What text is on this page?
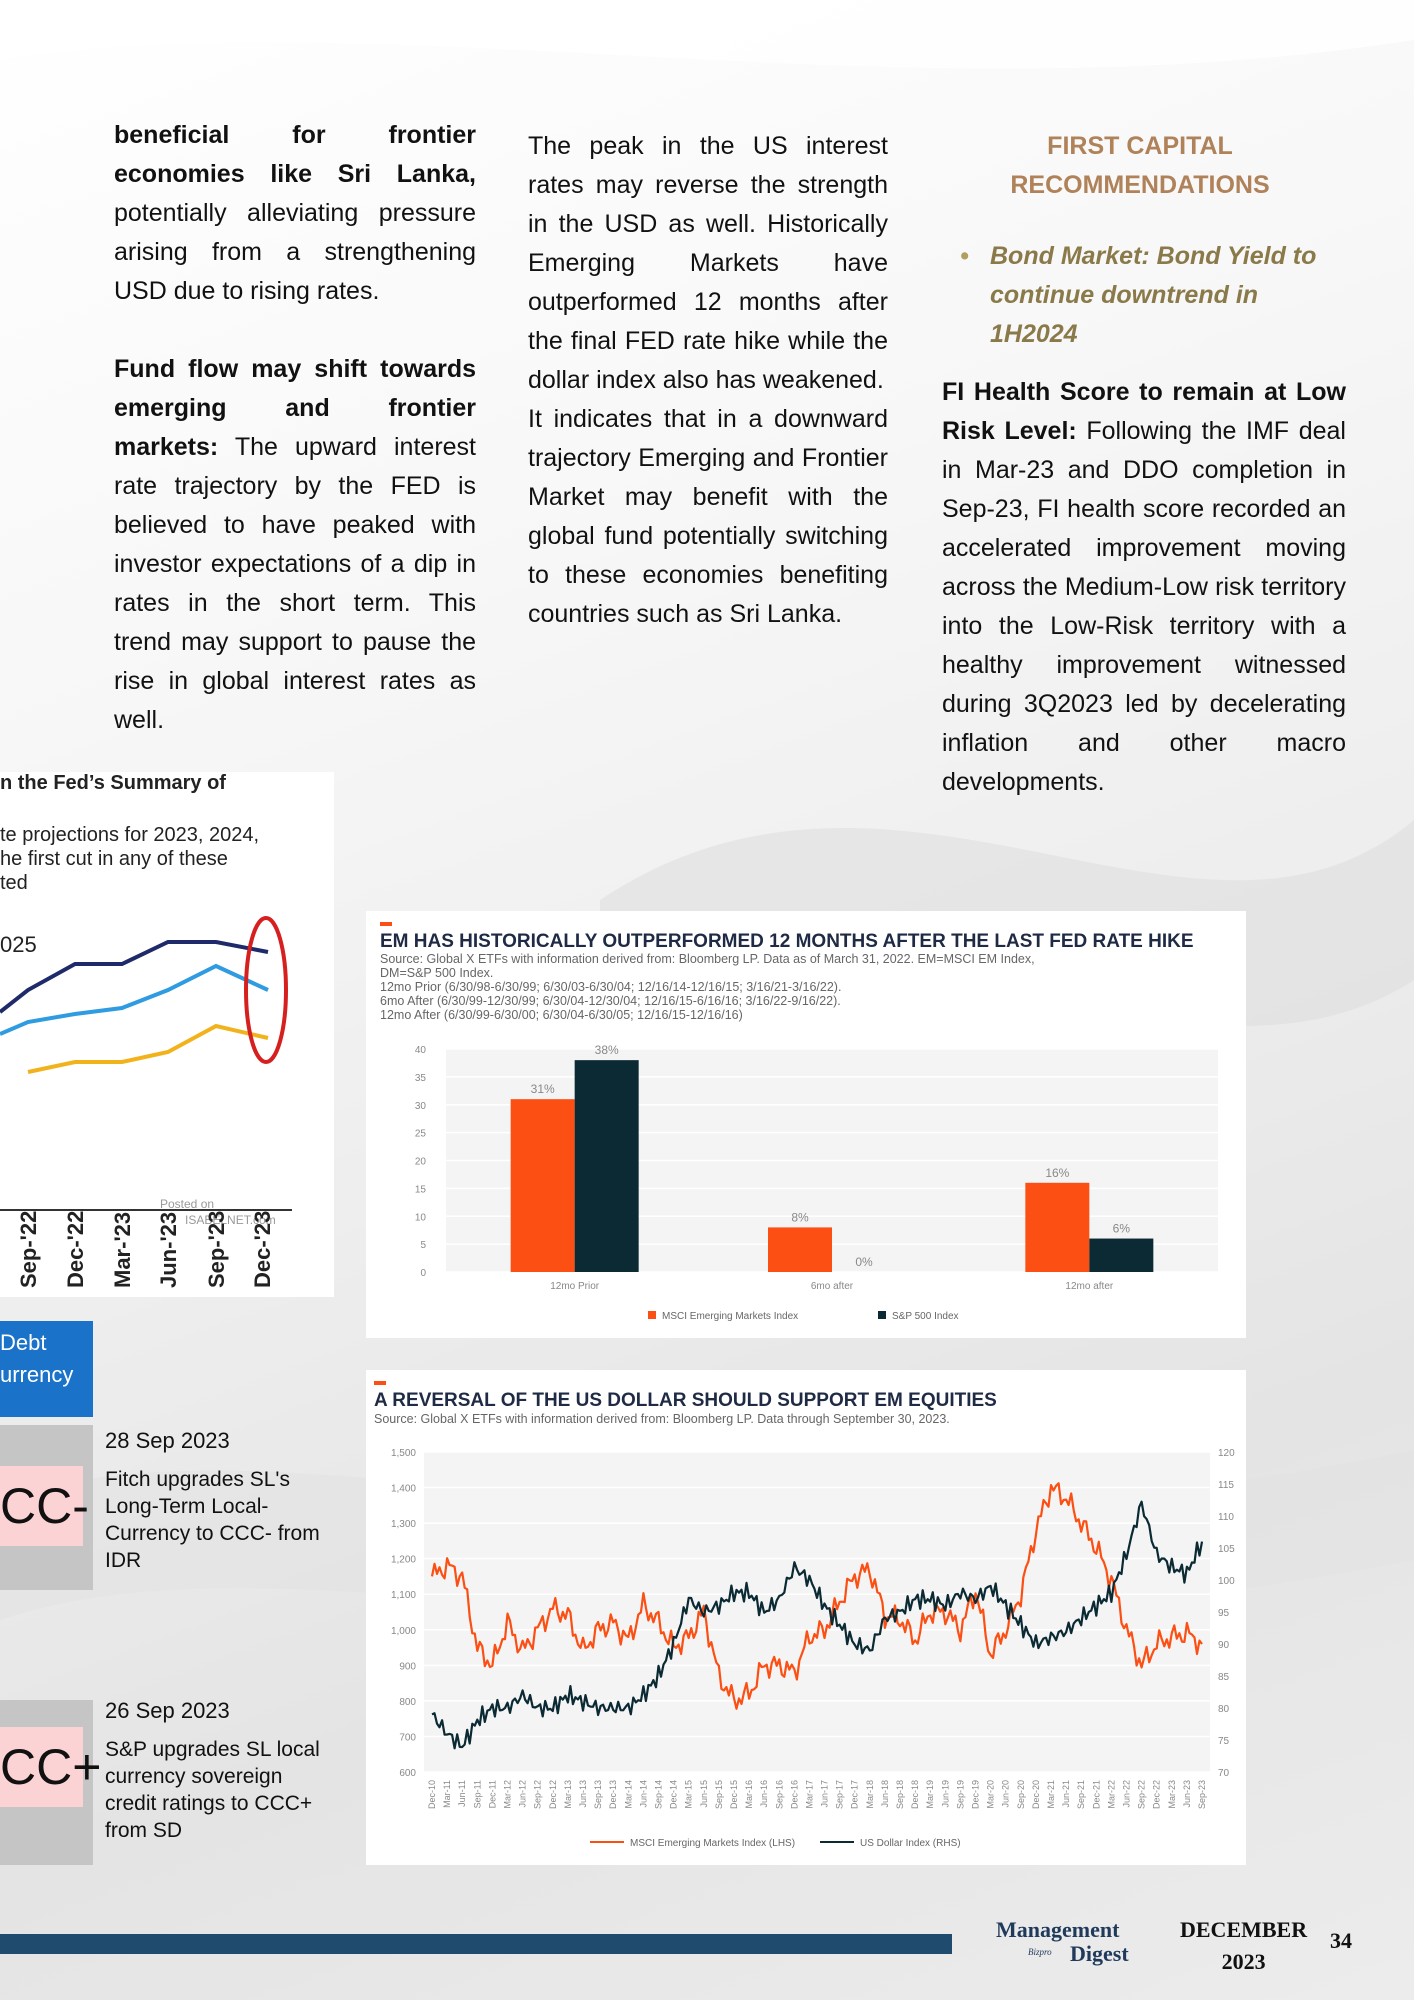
beneficial for frontier economies like Sri Lanka, potentially alleviating pressure arising from a strengthening USD due to rising rates.

Fund flow may shift towards emerging and frontier markets: The upward interest rate trajectory by the FED is believed to have peaked with investor expectations of a dip in rates in the short term. This trend may support to pause the rise in global interest rates as well.

The peak in the US interest rates may reverse the strength in the USD as well. Historically Emerging Markets have outperformed 12 months after the final FED rate hike while the dollar index also has weakened.

It indicates that in a downward trajectory Emerging and Frontier Market may benefit with the global fund potentially switching to these economies benefiting countries such as Sri Lanka.

FIRST CAPITAL
RECOMMENDATIONS
• Bond Market: Bond Yield to continue downtrend in 1H2024

FI Health Score to remain at Low Risk Level: Following the IMF deal in Mar-23 and DDO completion in Sep-23, FI health score recorded an accelerated improvement moving across the Medium-Low risk territory into the Low-Risk territory with a healthy improvement witnessed during 3Q2023 led by decelerating inflation and other macro developments.

n the Fed’s Summary of
te projections for 2023, 2024,
he first cut in any of these
ted
025
Posted on
ISABELNET.com
Sep-'22 Dec-'22 Mar-'23 Jun-'23 Sep-'23 Dec-'23
Debt
urrency
CC-
28 Sep 2023
Fitch upgrades SL's Long-Term Local-Currency to CCC- from IDR
CC+
26 Sep 2023
S&P upgrades SL local currency sovereign credit ratings to CCC+ from SD
EM HAS HISTORICALLY OUTPERFORMED 12 MONTHS AFTER THE LAST FED RATE HIKE
Source: Global X ETFs with information derived from: Bloomberg LP. Data as of March 31, 2022. EM=MSCI EM Index,
DM=S&P 500 Index.
12mo Prior (6/30/98-6/30/99; 6/30/03-6/30/04; 12/16/14-12/16/15; 3/16/21-3/16/22).
6mo After (6/30/99-12/30/99; 6/30/04-12/30/04; 12/16/15-6/16/16; 3/16/22-9/16/22).
12mo After (6/30/99-6/30/00; 6/30/04-6/30/05; 12/16/15-12/16/16)
0
5
10
15
20
25
30
35
40
12mo Prior
31%
38%
6mo after
8%
0%
12mo after
16%
6%
MSCI Emerging Markets Index	S&P 500 Index
A REVERSAL OF THE US DOLLAR SHOULD SUPPORT EM EQUITIES
Source: Global X ETFs with information derived from: Bloomberg LP. Data through September 30, 2023.
600
700
800
900
1,000
1,100
1,200
1,300
1,400
1,500
70
75
80
85
90
95
100
105
110
115
120
Dec-10 Mar-11 Jun-11 Sep-11 Dec-11 Mar-12 Jun-12 Sep-12 Dec-12 Mar-13 Jun-13 Sep-13 Dec-13 Mar-14 Jun-14 Sep-14 Dec-14 Mar-15 Jun-15 Sep-15 Dec-15 Mar-16 Jun-16 Sep-16 Dec-16 Mar-17 Jun-17 Sep-17 Dec-17 Mar-18 Jun-18 Sep-18 Dec-18 Mar-19 Jun-19 Sep-19 Dec-19 Mar-20 Jun-20 Sep-20 Dec-20 Mar-21 Jun-21 Sep-21 Dec-21 Mar-22 Jun-22 Sep-22 Dec-22 Mar-23 Jun-23 Sep-23
MSCI Emerging Markets Index (LHS)	US Dollar Index (RHS)
Management
Bizpro Digest
DECEMBER
2023
34
